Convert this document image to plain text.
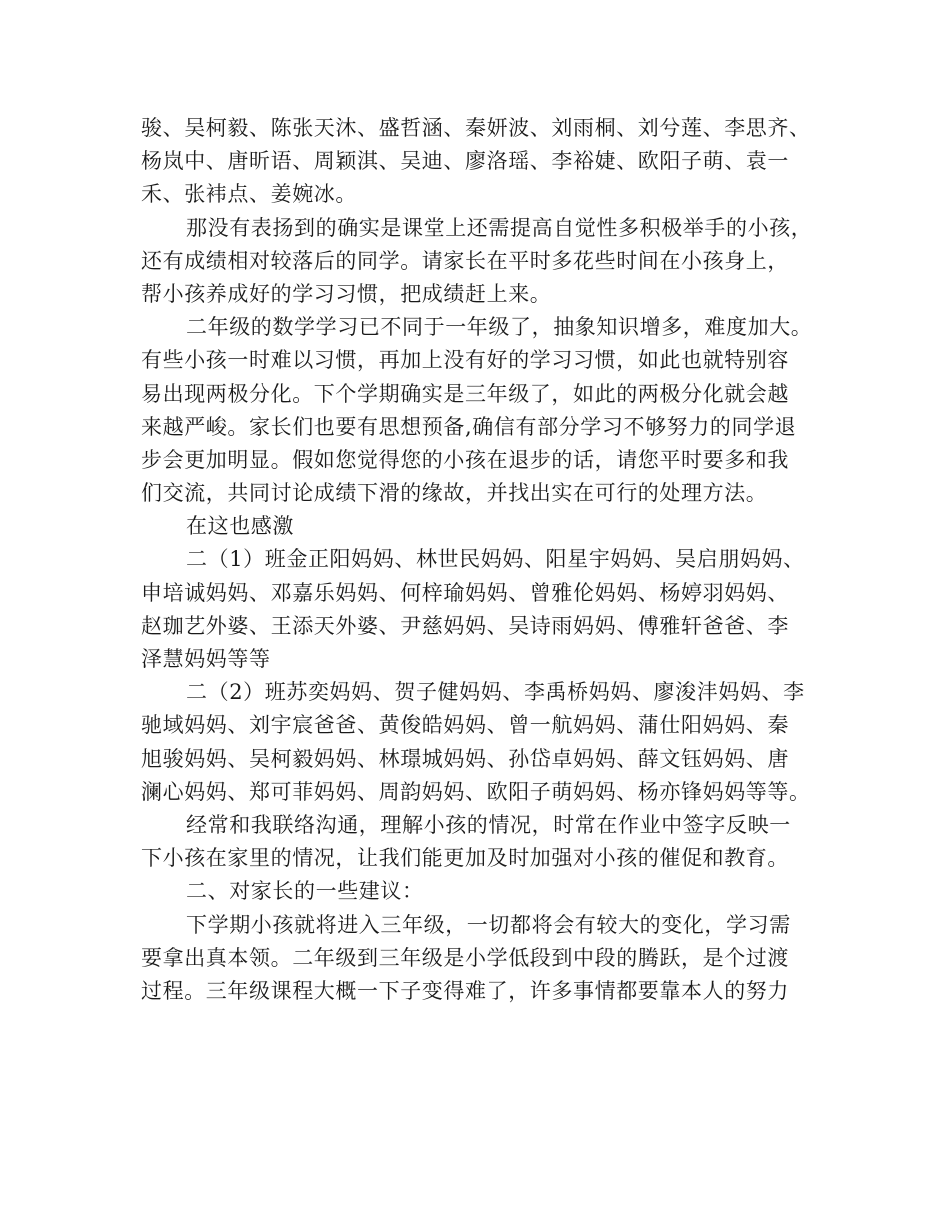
骏、吴柯毅、陈张天沐、盛哲涵、秦妍波、刘雨桐、刘兮莲、李思齐、
杨岚中、唐昕语、周颖淇、吴迪、廖洛瑶、李裕婕、欧阳子萌、袁一
禾、张袆点、姜婉冰。
那没有表扬到的确实是课堂上还需提高自觉性多积极举手的小孩，
还有成绩相对较落后的同学。请家长在平时多花些时间在小孩身上，
帮小孩养成好的学习习惯，把成绩赶上来。
二年级的数学学习已不同于一年级了，抽象知识增多，难度加大。
有些小孩一时难以习惯，再加上没有好的学习习惯，如此也就特别容
易出现两极分化。下个学期确实是三年级了，如此的两极分化就会越
来越严峻。家长们也要有思想预备,确信有部分学习不够努力的同学退
步会更加明显。假如您觉得您的小孩在退步的话，请您平时要多和我
们交流，共同讨论成绩下滑的缘故，并找出实在可行的处理方法。
在这也感激
二（1）班金正阳妈妈、林世民妈妈、阳星宇妈妈、吴启朋妈妈、
申培诚妈妈、邓嘉乐妈妈、何梓瑜妈妈、曾雅伦妈妈、杨婷羽妈妈、
赵珈艺外婆、王添天外婆、尹慈妈妈、吴诗雨妈妈、傅雅轩爸爸、李
泽慧妈妈等等
二（2）班苏奕妈妈、贺子健妈妈、李禹桥妈妈、廖浚沣妈妈、李
驰域妈妈、刘宇宸爸爸、黄俊皓妈妈、曾一航妈妈、蒲仕阳妈妈、秦
旭骏妈妈、吴柯毅妈妈、林璟城妈妈、孙岱卓妈妈、薛文钰妈妈、唐
澜心妈妈、郑可菲妈妈、周韵妈妈、欧阳子萌妈妈、杨亦锋妈妈等等。
经常和我联络沟通，理解小孩的情况，时常在作业中签字反映一
下小孩在家里的情况，让我们能更加及时加强对小孩的催促和教育。
二、对家长的一些建议：
下学期小孩就将进入三年级，一切都将会有较大的变化，学习需
要拿出真本领。二年级到三年级是小学低段到中段的腾跃，是个过渡
过程。三年级课程大概一下子变得难了，许多事情都要靠本人的努力
